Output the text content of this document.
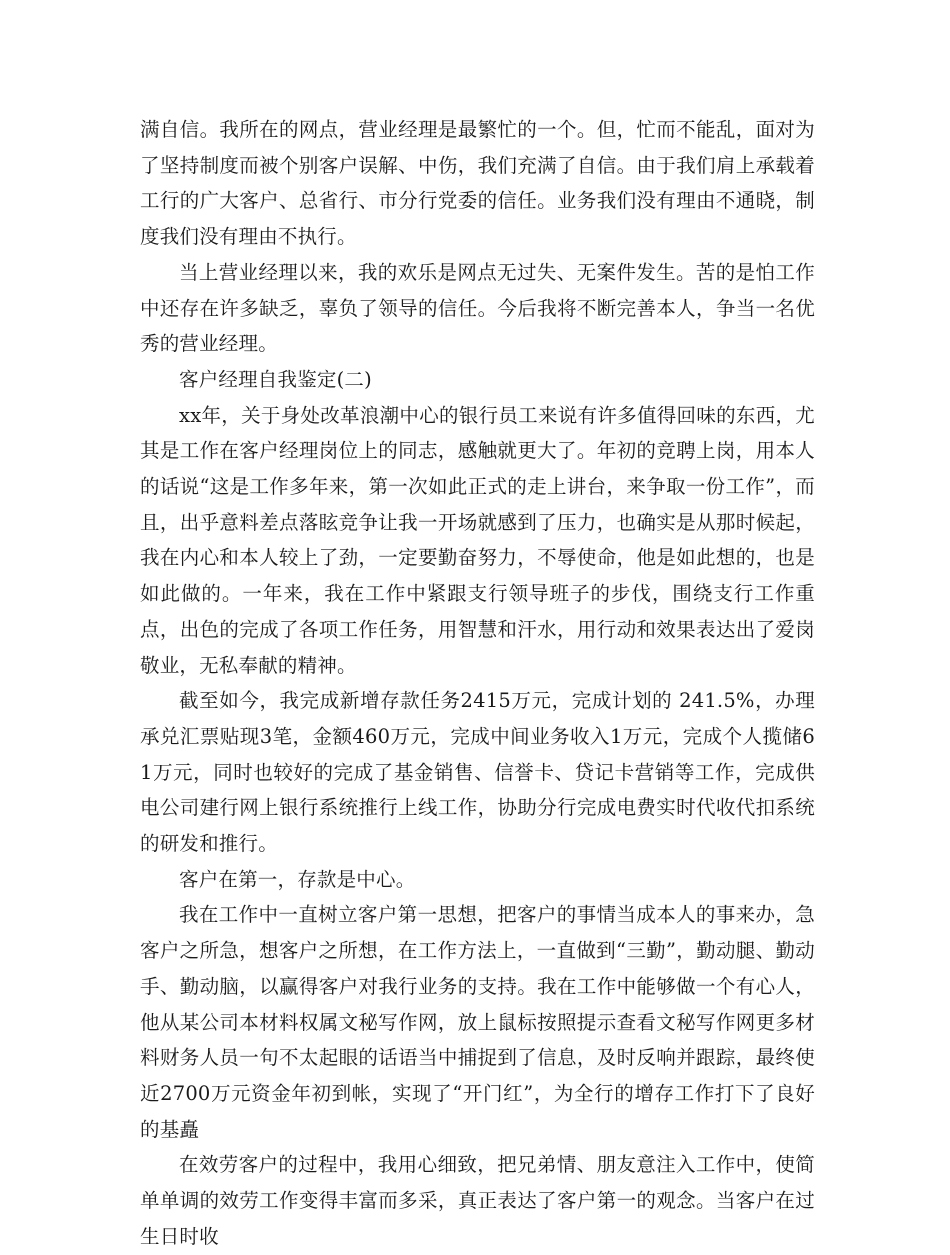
满自信。我所在的网点，营业经理是最繁忙的一个。但，忙而不能乱，面对为了坚持制度而被个别客户误解、中伤，我们充满了自信。由于我们肩上承载着工行的广大客户、总省行、市分行党委的信任。业务我们没有理由不通晓，制度我们没有理由不执行。

当上营业经理以来，我的欢乐是网点无过失、无案件发生。苦的是怕工作中还存在许多缺乏，辜负了领导的信任。今后我将不断完善本人，争当一名优秀的营业经理。

客户经理自我鉴定(二)

xx年，关于身处改革浪潮中心的银行员工来说有许多值得回味的东西，尤其是工作在客户经理岗位上的同志，感触就更大了。年初的竞聘上岗，用本人的话说“这是工作多年来，第一次如此正式的走上讲台，来争取一份工作”，而且，出乎意料差点落眩竞争让我一开场就感到了压力，也确实是从那时候起，我在内心和本人较上了劲，一定要勤奋努力，不辱使命，他是如此想的，也是如此做的。一年来，我在工作中紧跟支行领导班子的步伐，围绕支行工作重点，出色的完成了各项工作任务，用智慧和汗水，用行动和效果表达出了爱岗敬业，无私奉献的精神。

截至如今，我完成新增存款任务2415万元，完成计划的 241.5%，办理承兑汇票贴现3笔，金额460万元，完成中间业务收入1万元，完成个人揽储61万元，同时也较好的完成了基金销售、信誉卡、贷记卡营销等工作，完成供电公司建行网上银行系统推行上线工作，协助分行完成电费实时代收代扣系统的研发和推行。

客户在第一，存款是中心。

我在工作中一直树立客户第一思想，把客户的事情当成本人的事来办，急客户之所急，想客户之所想，在工作方法上，一直做到“三勤”，勤动腿、勤动手、勤动脑，以赢得客户对我行业务的支持。我在工作中能够做一个有心人，他从某公司本材料权属文秘写作网，放上鼠标按照提示查看文秘写作网更多材料财务人员一句不太起眼的话语当中捕捉到了信息，及时反响并跟踪，最终使近2700万元资金年初到帐，实现了“开门红”，为全行的增存工作打下了良好的基矗

在效劳客户的过程中，我用心细致，把兄弟情、朋友意注入工作中，使简单单调的效劳工作变得丰富而多采，真正表达了客户第一的观念。当客户在过生日时收
